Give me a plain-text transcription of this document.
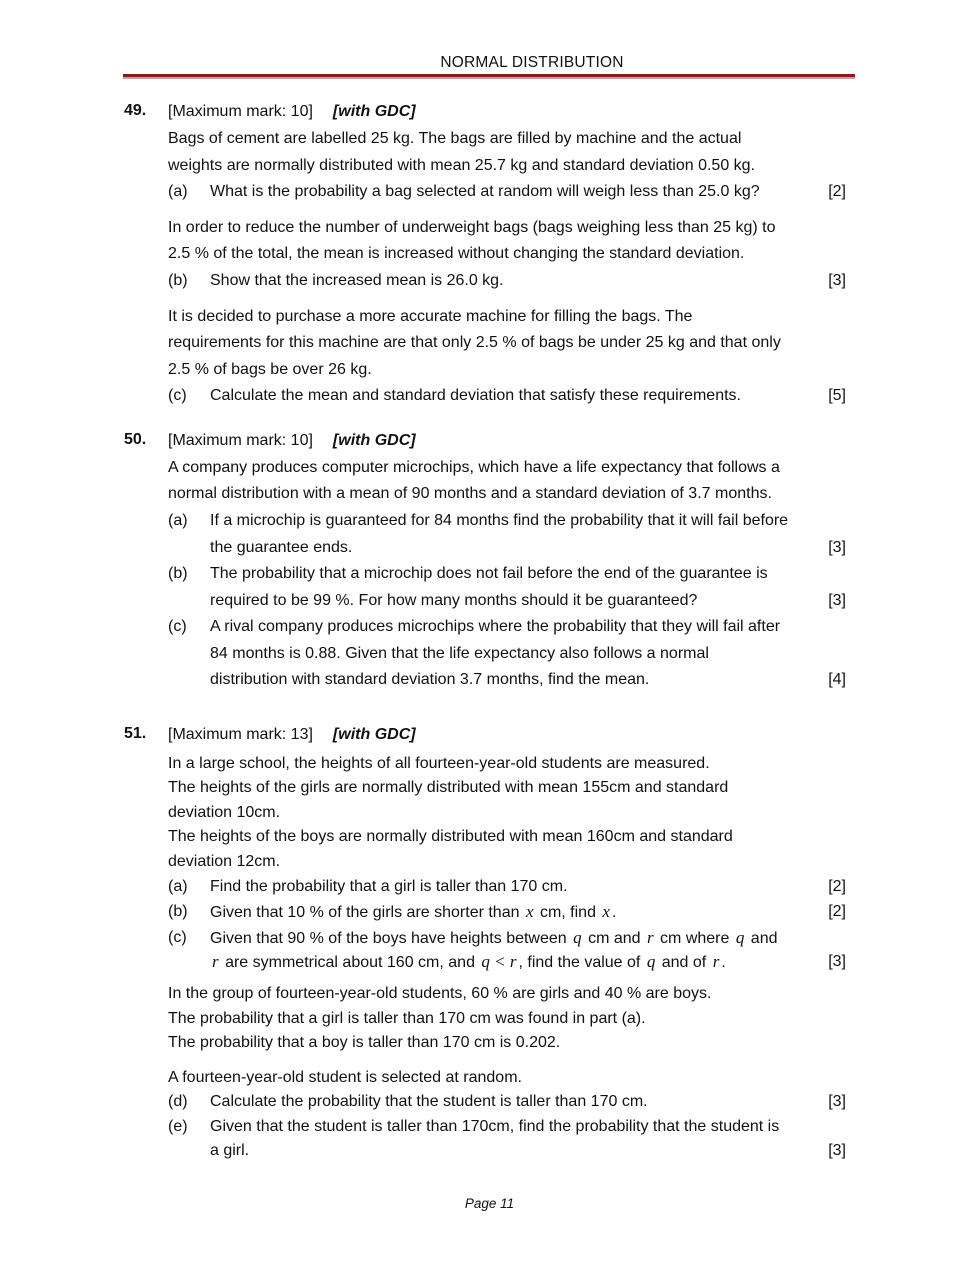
NORMAL DISTRIBUTION
49. [Maximum mark: 10] [with GDC]
Bags of cement are labelled 25 kg. The bags are filled by machine and the actual
weights are normally distributed with mean 25.7 kg and standard deviation 0.50 kg.
(a) What is the probability a bag selected at random will weigh less than 25.0 kg?	[2]
In order to reduce the number of underweight bags (bags weighing less than 25 kg) to
2.5 % of the total, the mean is increased without changing the standard deviation.
(b) Show that the increased mean is 26.0 kg.	[3]
It is decided to purchase a more accurate machine for filling the bags. The
requirements for this machine are that only 2.5 % of bags be under 25 kg and that only
2.5 % of bags be over 26 kg.
(c) Calculate the mean and standard deviation that satisfy these requirements.	[5]
50. [Maximum mark: 10] [with GDC]
A company produces computer microchips, which have a life expectancy that follows a
normal distribution with a mean of 90 months and a standard deviation of 3.7 months.
(a) If a microchip is guaranteed for 84 months find the probability that it will fail before
the guarantee ends.	[3]
(b) The probability that a microchip does not fail before the end of the guarantee is
required to be 99 %. For how many months should it be guaranteed?	[3]
(c) A rival company produces microchips where the probability that they will fail after
84 months is 0.88. Given that the life expectancy also follows a normal
distribution with standard deviation 3.7 months, find the mean.	[4]
51. [Maximum mark: 13] [with GDC]
In a large school, the heights of all fourteen-year-old students are measured.
The heights of the girls are normally distributed with mean 155cm and standard
deviation 10cm.
The heights of the boys are normally distributed with mean 160cm and standard
deviation 12cm.
(a) Find the probability that a girl is taller than 170 cm.	[2]
(b) Given that 10 % of the girls are shorter than x cm, find x .	[2]
(c) Given that 90 % of the boys have heights between q cm and r cm where q and
r are symmetrical about 160 cm, and q < r , find the value of q and of r .	[3]
In the group of fourteen-year-old students, 60 % are girls and 40 % are boys.
The probability that a girl is taller than 170 cm was found in part (a).
The probability that a boy is taller than 170 cm is 0.202.
A fourteen-year-old student is selected at random.
(d) Calculate the probability that the student is taller than 170 cm.	[3]
(e) Given that the student is taller than 170cm, find the probability that the student is
a girl.	[3]
Page 11
